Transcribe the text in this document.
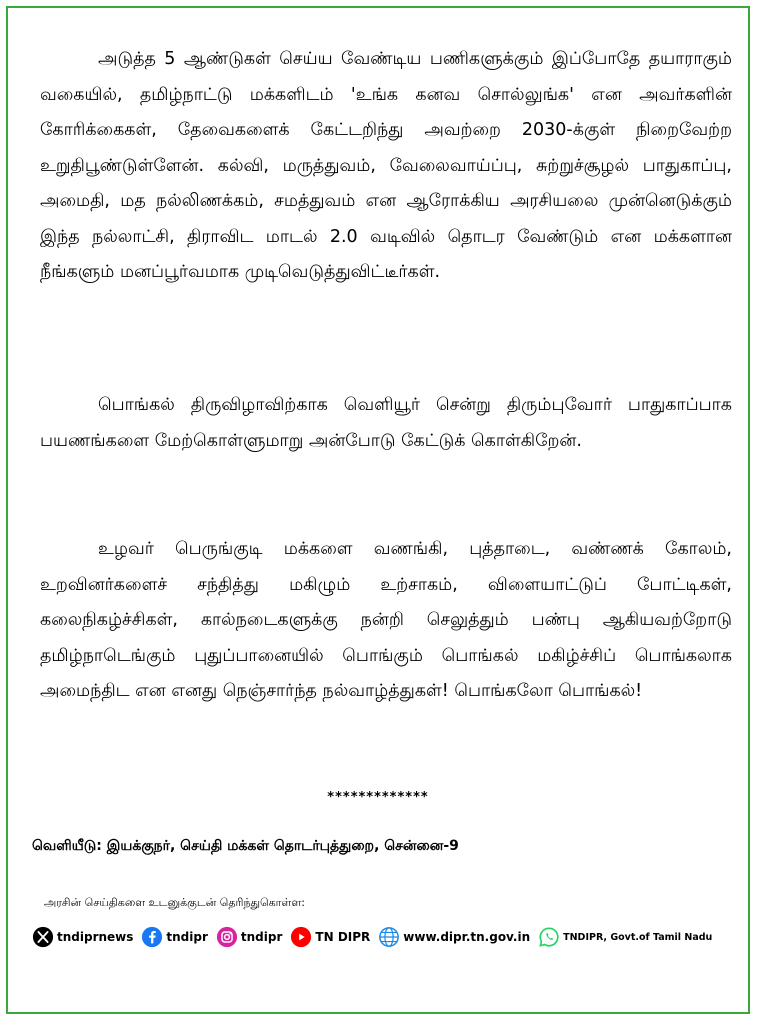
அடுத்த 5 ஆண்டுகள் செய்ய வேண்டிய பணிகளுக்கும் இப்போதே தயாராகும் வகையில், தமிழ்நாட்டு மக்களிடம் 'உங்க கனவ சொல்லுங்க' என அவர்களின் கோரிக்கைகள், தேவைகளைக் கேட்டறிந்து அவற்றை 2030-க்குள் நிறைவேற்ற உறுதிபூண்டுள்ளேன். கல்வி, மருத்துவம், வேலைவாய்ப்பு, சுற்றுச்சூழல் பாதுகாப்பு, அமைதி, மத நல்லிணக்கம், சமத்துவம் என ஆரோக்கிய அரசியலை முன்னெடுக்கும் இந்த நல்லாட்சி, திராவிட மாடல் 2.0 வடிவில் தொடர வேண்டும் என மக்களான நீங்களும் மனப்பூர்வமாக முடிவெடுத்துவிட்டீர்கள்.

பொங்கல் திருவிழாவிற்காக வெளியூர் சென்று திரும்புவோர் பாதுகாப்பாக பயணங்களை மேற்கொள்ளுமாறு அன்போடு கேட்டுக் கொள்கிறேன்.

உழவர் பெருங்குடி மக்களை வணங்கி, புத்தாடை, வண்ணக் கோலம், உறவினர்களைச் சந்தித்து மகிழும் உற்சாகம், விளையாட்டுப் போட்டிகள், கலைநிகழ்ச்சிகள், கால்நடைகளுக்கு நன்றி செலுத்தும் பண்பு ஆகியவற்றோடு தமிழ்நாடெங்கும் புதுப்பானையில் பொங்கும் பொங்கல் மகிழ்ச்சிப் பொங்கலாக அமைந்திட என எனது நெஞ்சார்ந்த நல்வாழ்த்துகள்! பொங்கலோ பொங்கல்!

*************
வெளியீடு: இயக்குநர், செய்தி மக்கள் தொடர்புத்துறை, சென்னை-9
அரசின் செய்திகளை உடனுக்குடன் தெரிந்துகொள்ள:
tndiprnews	tndipr	tndipr	TN DIPR	www.dipr.tn.gov.in	TNDIPR, Govt.of Tamil Nadu
